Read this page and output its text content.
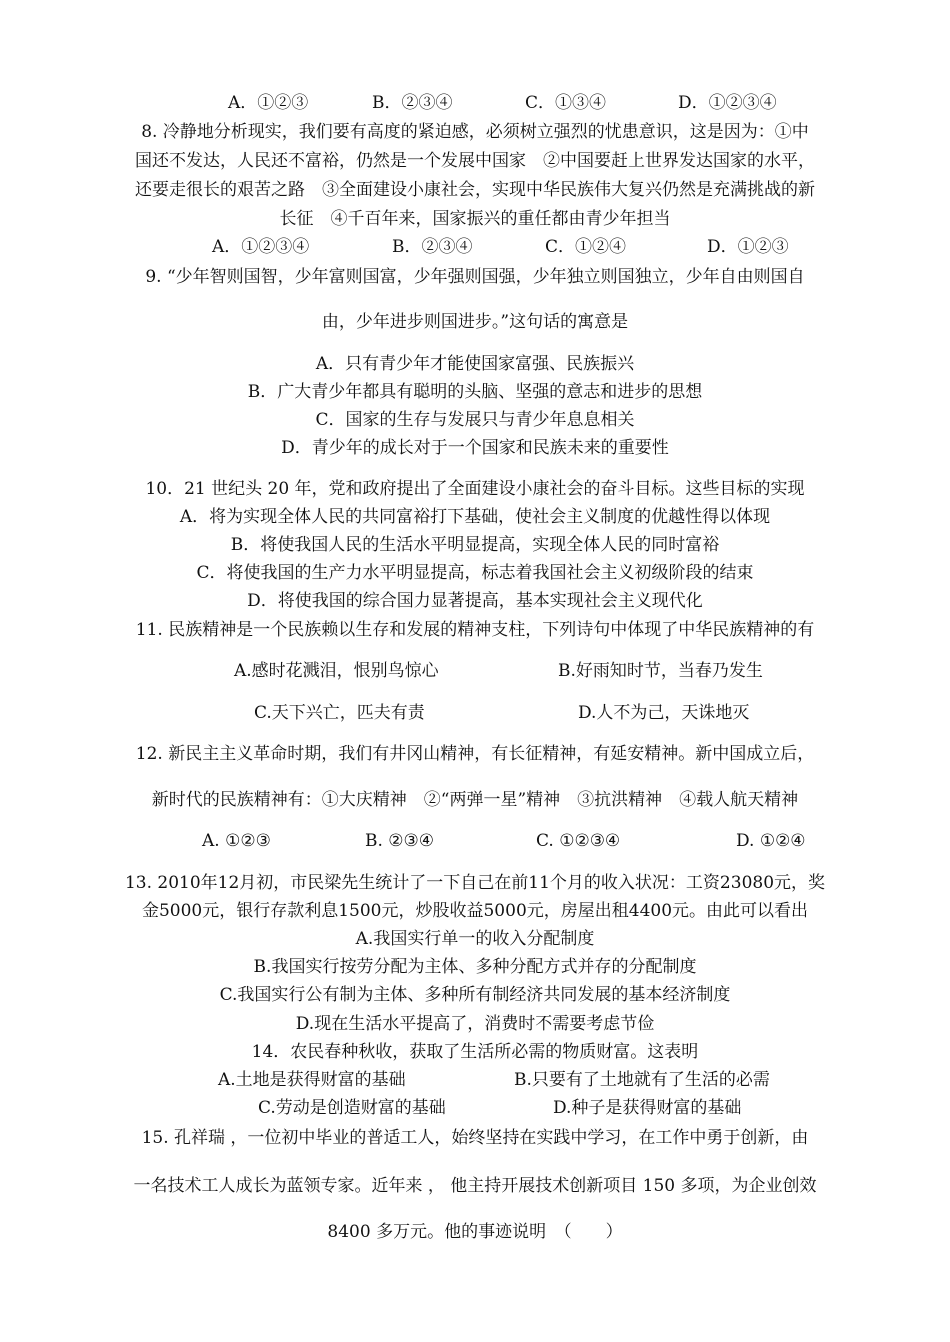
A．①②③	B．②③④	C．①③④	D．①②③④
8. 冷静地分析现实，我们要有高度的紧迫感，必须树立强烈的忧患意识，这是因为：①中
国还不发达，人民还不富裕，仍然是一个发展中国家　②中国要赶上世界发达国家的水平，
还要走很长的艰苦之路　③全面建设小康社会，实现中华民族伟大复兴仍然是充满挑战的新
长征　④千百年来，国家振兴的重任都由青少年担当
A．①②③④	B．②③④	C．①②④	D．①②③
9. “少年智则国智，少年富则国富，少年强则国强，少年独立则国独立，少年自由则国自
由，少年进步则国进步。”这句话的寓意是
A．只有青少年才能使国家富强、民族振兴
B．广大青少年都具有聪明的头脑、坚强的意志和进步的思想
C．国家的生存与发展只与青少年息息相关
D．青少年的成长对于一个国家和民族未来的重要性
10．21 世纪头 20 年，党和政府提出了全面建设小康社会的奋斗目标。这些目标的实现
A．将为实现全体人民的共同富裕打下基础，使社会主义制度的优越性得以体现
B．将使我国人民的生活水平明显提高，实现全体人民的同时富裕
C．将使我国的生产力水平明显提高，标志着我国社会主义初级阶段的结束
D．将使我国的综合国力显著提高，基本实现社会主义现代化
11. 民族精神是一个民族赖以生存和发展的精神支柱，下列诗句中体现了中华民族精神的有
A.感时花溅泪，恨别鸟惊心	B.好雨知时节，当春乃发生
C.天下兴亡，匹夫有责	D.人不为己，天诛地灭
12. 新民主主义革命时期，我们有井冈山精神，有长征精神，有延安精神。新中国成立后，
新时代的民族精神有：①大庆精神　②“两弹一星”精神　③抗洪精神　④载人航天精神
A. ①②③	B. ②③④	C. ①②③④	D. ①②④
13. 2010年12月初，市民梁先生统计了一下自己在前11个月的收入状况：工资23080元，奖
金5000元，银行存款利息1500元，炒股收益5000元，房屋出租4400元。由此可以看出
A.我国实行单一的收入分配制度
B.我国实行按劳分配为主体、多种分配方式并存的分配制度
C.我国实行公有制为主体、多种所有制经济共同发展的基本经济制度
D.现在生活水平提高了，消费时不需要考虑节俭
14．农民春种秋收，获取了生活所必需的物质财富。这表明
A.土地是获得财富的基础	B.只要有了土地就有了生活的必需
C.劳动是创造财富的基础	D.种子是获得财富的基础
15. 孔祥瑞 ，一位初中毕业的普适工人，始终坚持在实践中学习，在工作中勇于创新，由
一名技术工人成长为蓝领专家。近年来 ， 他主持开展技术创新项目 150 多项，为企业创效
8400 多万元。他的事迹说明　（　　）
